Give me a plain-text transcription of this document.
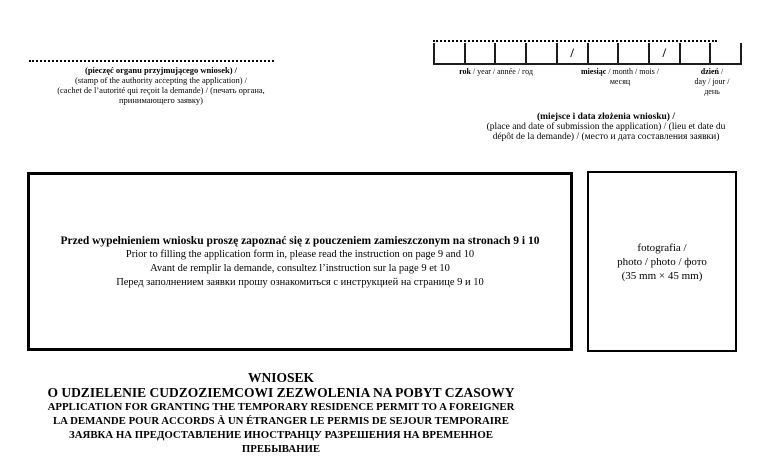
(pieczęć organu przyjmującego wniosek) /
(stamp of the authority accepting the application) /
(cachet de l’autorité qui reçoit la demande) / (печать органа,
принимающего заявку)
/	/
rok / year / année / год	miesiąc / month / mois /
месяц
dzień /
day / jour /
день
(miejsce i data złożenia wniosku) /
(place and date of submission the application) / (lieu et date du
dépôt de la demande) / (место и дата составления заявки)
Przed wypełnieniem wniosku proszę zapoznać się z pouczeniem zamieszczonym na stronach 9 i 10
Prior to filling the application form in, please read the instruction on page 9 and 10
Avant de remplir la demande, consultez l’instruction sur la page 9 et 10
Перед заполнением заявки прошу ознакомиться с инструкцией на странице 9 и 10
fotografia /
photo / photo / фото
(35 mm × 45 mm)
WNIOSEK
O UDZIELENIE CUDZOZIEMCOWI ZEZWOLENIA NA POBYT CZASOWY
APPLICATION FOR GRANTING THE TEMPORARY RESIDENCE PERMIT TO A FOREIGNER
LA DEMANDE POUR ACCORDS À UN ÉTRANGER LE PERMIS DE SEJOUR TEMPORAIRE
ЗАЯВКА НА ПРЕДОСТАВЛЕНИЕ ИНОСТРАНЦУ РАЗРЕШЕНИЯ НА ВРЕМЕННОЕ
ПРЕБЫВАНИЕ
